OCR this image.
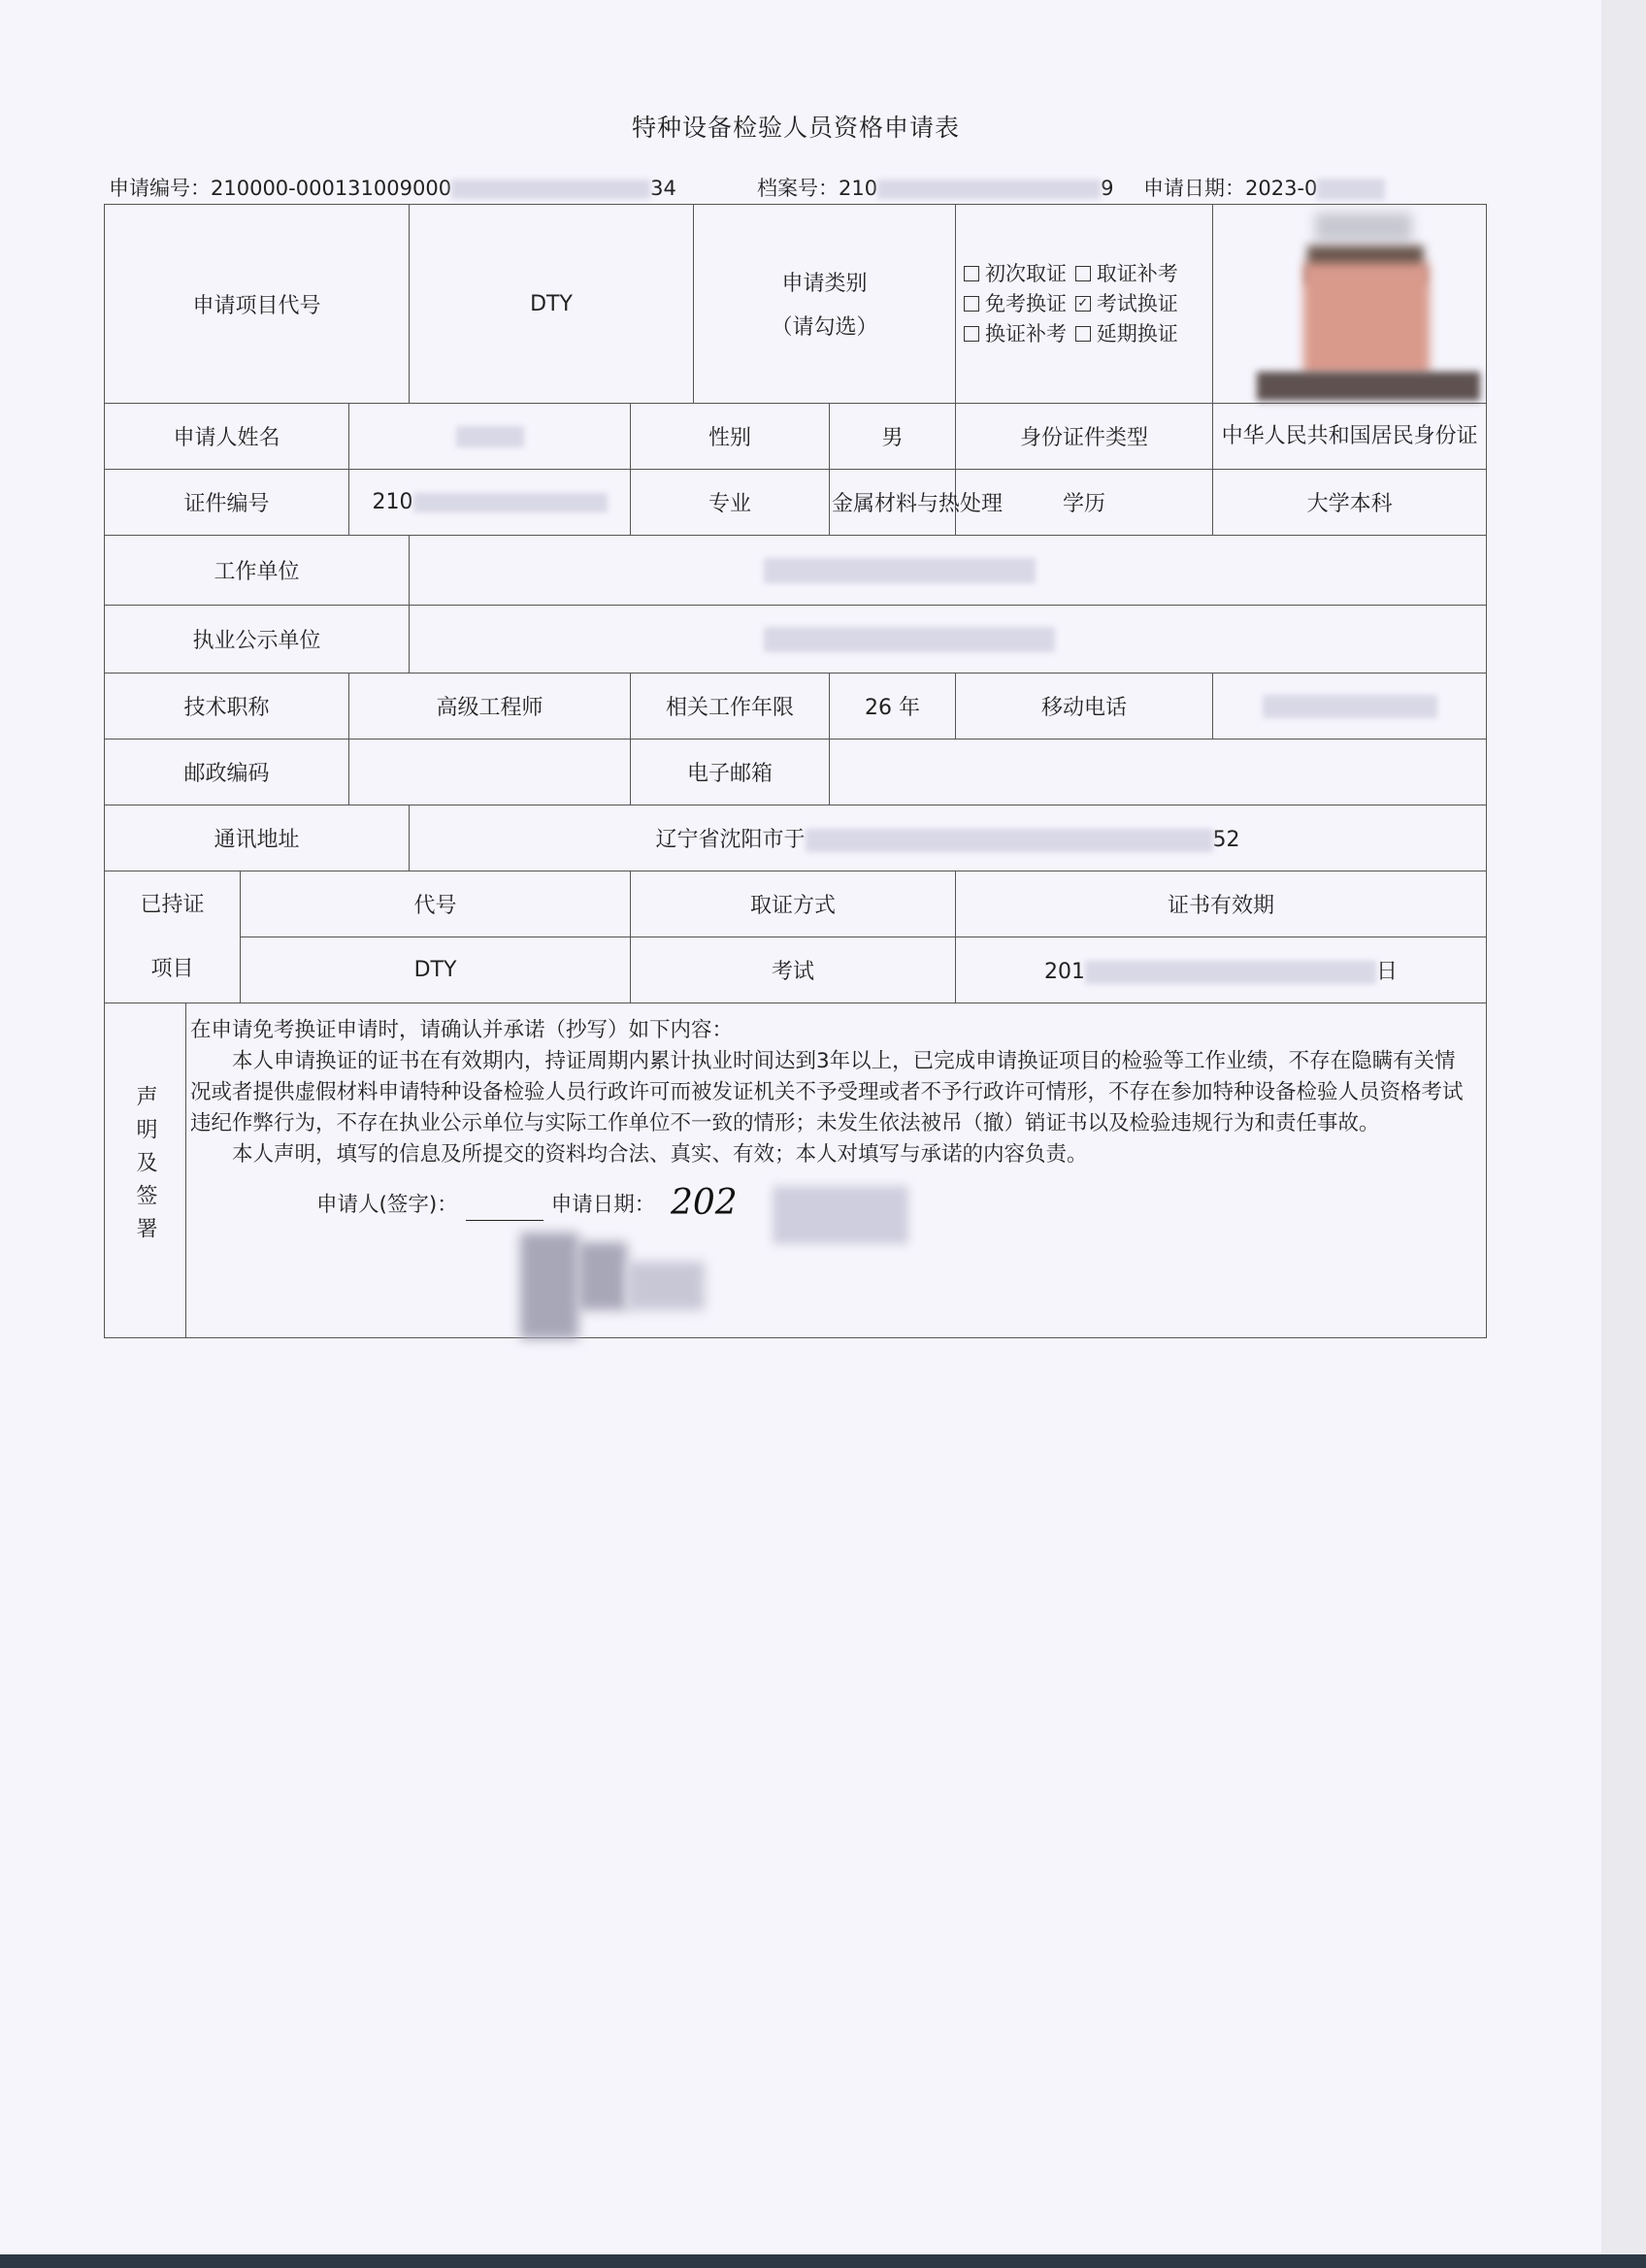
特种设备检验人员资格申请表
申请编号：210000-000131009000	34	档案号：210	9 申请日期：2023-0
申请项目代号				DTY		申请类别
（请勾选）		初次取证 取证补考 免考换证 ✓ 考试换证 换证补考 延期换证	

申请人姓名					性别		男	身份证件类型	中华人民共和国居民身份证
证件编号			210		专业		金属材料与热处理	学历	大学本科
工作单位									
执业公示单位									
技术职称			高级工程师		相关工作年限		26 年	移动电话	
邮政编码					电子邮箱				
通讯地址				辽宁省沈阳市于 52					

已持证
项目		代号			取证方式			证书有效期	
		DTY			考试			201 日	
声明及签署	在申请免考换证申请时，请确认并承诺（抄写）如下内容：
本人申请换证的证书在有效期内，持证周期内累计执业时间达到3年以上，已完成申请换证项目的检验等工作业绩，不存在隐瞒有关情况或者提供虚假材料申请特种设备检验人员行政许可而被发证机关不予受理或者不予行政许可情形，不存在参加特种设备检验人员资格考试违纪作弊行为，不存在执业公示单位与实际工作单位不一致的情形；未发生依法被吊（撤）销证书以及检验违规行为和责任事故。
本人声明，填写的信息及所提交的资料均合法、真实、有效；本人对填写与承诺的内容负责。
申请人(签字)： 申请日期： 202								
